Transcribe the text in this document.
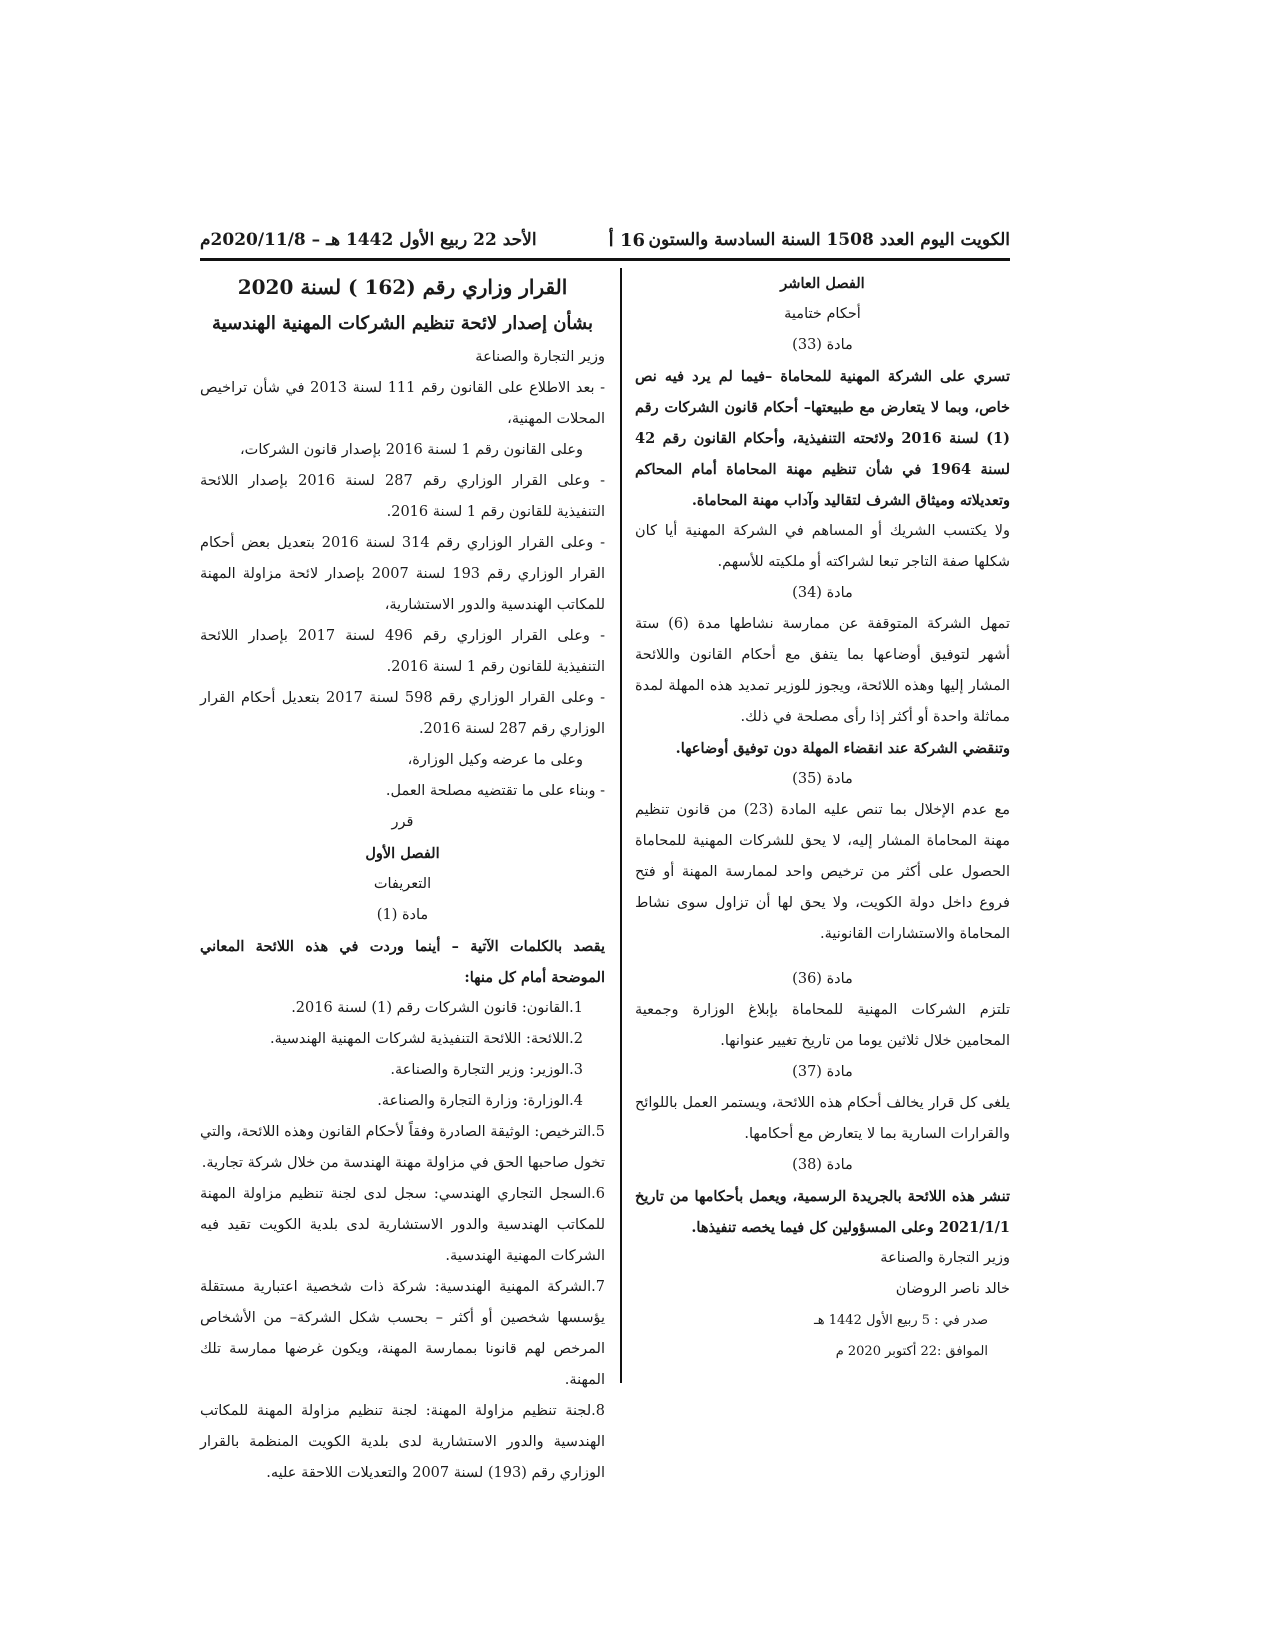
الكويت اليوم العدد 1508 السنة السادسة والستون
16 أ
الأحد 22 ربيع الأول 1442 هـ – 2020/11/8م

الفصل العاشر

أحكام ختامية

مادة (33)

تسري على الشركة المهنية للمحاماة –فيما لم يرد فيه نص خاص، وبما لا يتعارض مع طبيعتها– أحكام قانون الشركات رقم (1) لسنة 2016 ولائحته التنفيذية، وأحكام القانون رقم 42 لسنة 1964 في شأن تنظيم مهنة المحاماة أمام المحاكم وتعديلاته وميثاق الشرف لتقاليد وآداب مهنة المحاماة.

ولا يكتسب الشريك أو المساهم في الشركة المهنية أيا كان شكلها صفة التاجر تبعا لشراكته أو ملكيته للأسهم.

مادة (34)

تمهل الشركة المتوقفة عن ممارسة نشاطها مدة (6) ستة أشهر لتوفيق أوضاعها بما يتفق مع أحكام القانون واللائحة المشار إليها وهذه اللائحة، ويجوز للوزير تمديد هذه المهلة لمدة مماثلة واحدة أو أكثر إذا رأى مصلحة في ذلك.

وتنقضي الشركة عند انقضاء المهلة دون توفيق أوضاعها.

مادة (35)

مع عدم الإخلال بما تنص عليه المادة (23) من قانون تنظيم مهنة المحاماة المشار إليه، لا يحق للشركات المهنية للمحاماة الحصول على أكثر من ترخيص واحد لممارسة المهنة أو فتح فروع داخل دولة الكويت، ولا يحق لها أن تزاول سوى نشاط المحاماة والاستشارات القانونية.

مادة (36)

تلتزم الشركات المهنية للمحاماة بإبلاغ الوزارة وجمعية المحامين خلال ثلاثين يوما من تاريخ تغيير عنوانها.

مادة (37)

يلغى كل قرار يخالف أحكام هذه اللائحة، ويستمر العمل باللوائح والقرارات السارية بما لا يتعارض مع أحكامها.

مادة (38)

تنشر هذه اللائحة بالجريدة الرسمية، ويعمل بأحكامها من تاريخ 2021/1/1 وعلى المسؤولين كل فيما يخصه تنفيذها.

وزير التجارة والصناعة

خالد ناصر الروضان

صدر في : 5 ربيع الأول 1442 هـ

الموافق :22 أكتوبر 2020 م

القرار وزاري رقم (162 ) لسنة 2020

بشأن إصدار لائحة تنظيم الشركات المهنية الهندسية

وزير التجارة والصناعة

- بعد الاطلاع على القانون رقم 111 لسنة 2013 في شأن تراخيص المحلات المهنية،

وعلى القانون رقم 1 لسنة 2016 بإصدار قانون الشركات،

- وعلى القرار الوزاري رقم 287 لسنة 2016 بإصدار اللائحة التنفيذية للقانون رقم 1 لسنة 2016.

- وعلى القرار الوزاري رقم 314 لسنة 2016 بتعديل بعض أحكام القرار الوزاري رقم 193 لسنة 2007 بإصدار لائحة مزاولة المهنة للمكاتب الهندسية والدور الاستشارية،

- وعلى القرار الوزاري رقم 496 لسنة 2017 بإصدار اللائحة التنفيذية للقانون رقم 1 لسنة 2016.

- وعلى القرار الوزاري رقم 598 لسنة 2017 بتعديل أحكام القرار الوزاري رقم 287 لسنة 2016.

وعلى ما عرضه وكيل الوزارة،

- وبناء على ما تقتضيه مصلحة العمل.

قرر

الفصل الأول

التعريفات

مادة (1)

يقصد بالكلمات الآتية – أينما وردت في هذه اللائحة المعاني الموضحة أمام كل منها:

1.القانون: قانون الشركات رقم (1) لسنة 2016.

2.اللائحة: اللائحة التنفيذية لشركات المهنية الهندسية.

3.الوزير: وزير التجارة والصناعة.

4.الوزارة: وزارة التجارة والصناعة.

5.الترخيص: الوثيقة الصادرة وفقاً لأحكام القانون وهذه اللائحة، والتي تخول صاحبها الحق في مزاولة مهنة الهندسة من خلال شركة تجارية.

6.السجل التجاري الهندسي: سجل لدى لجنة تنظيم مزاولة المهنة للمكاتب الهندسية والدور الاستشارية لدى بلدية الكويت تقيد فيه الشركات المهنية الهندسية.

7.الشركة المهنية الهندسية: شركة ذات شخصية اعتبارية مستقلة يؤسسها شخصين أو أكثر – بحسب شكل الشركة– من الأشخاص المرخص لهم قانونا بممارسة المهنة، ويكون غرضها ممارسة تلك المهنة.

8.لجنة تنظيم مزاولة المهنة: لجنة تنظيم مزاولة المهنة للمكاتب الهندسية والدور الاستشارية لدى بلدية الكويت المنظمة بالقرار الوزاري رقم (193) لسنة 2007 والتعديلات اللاحقة عليه.
